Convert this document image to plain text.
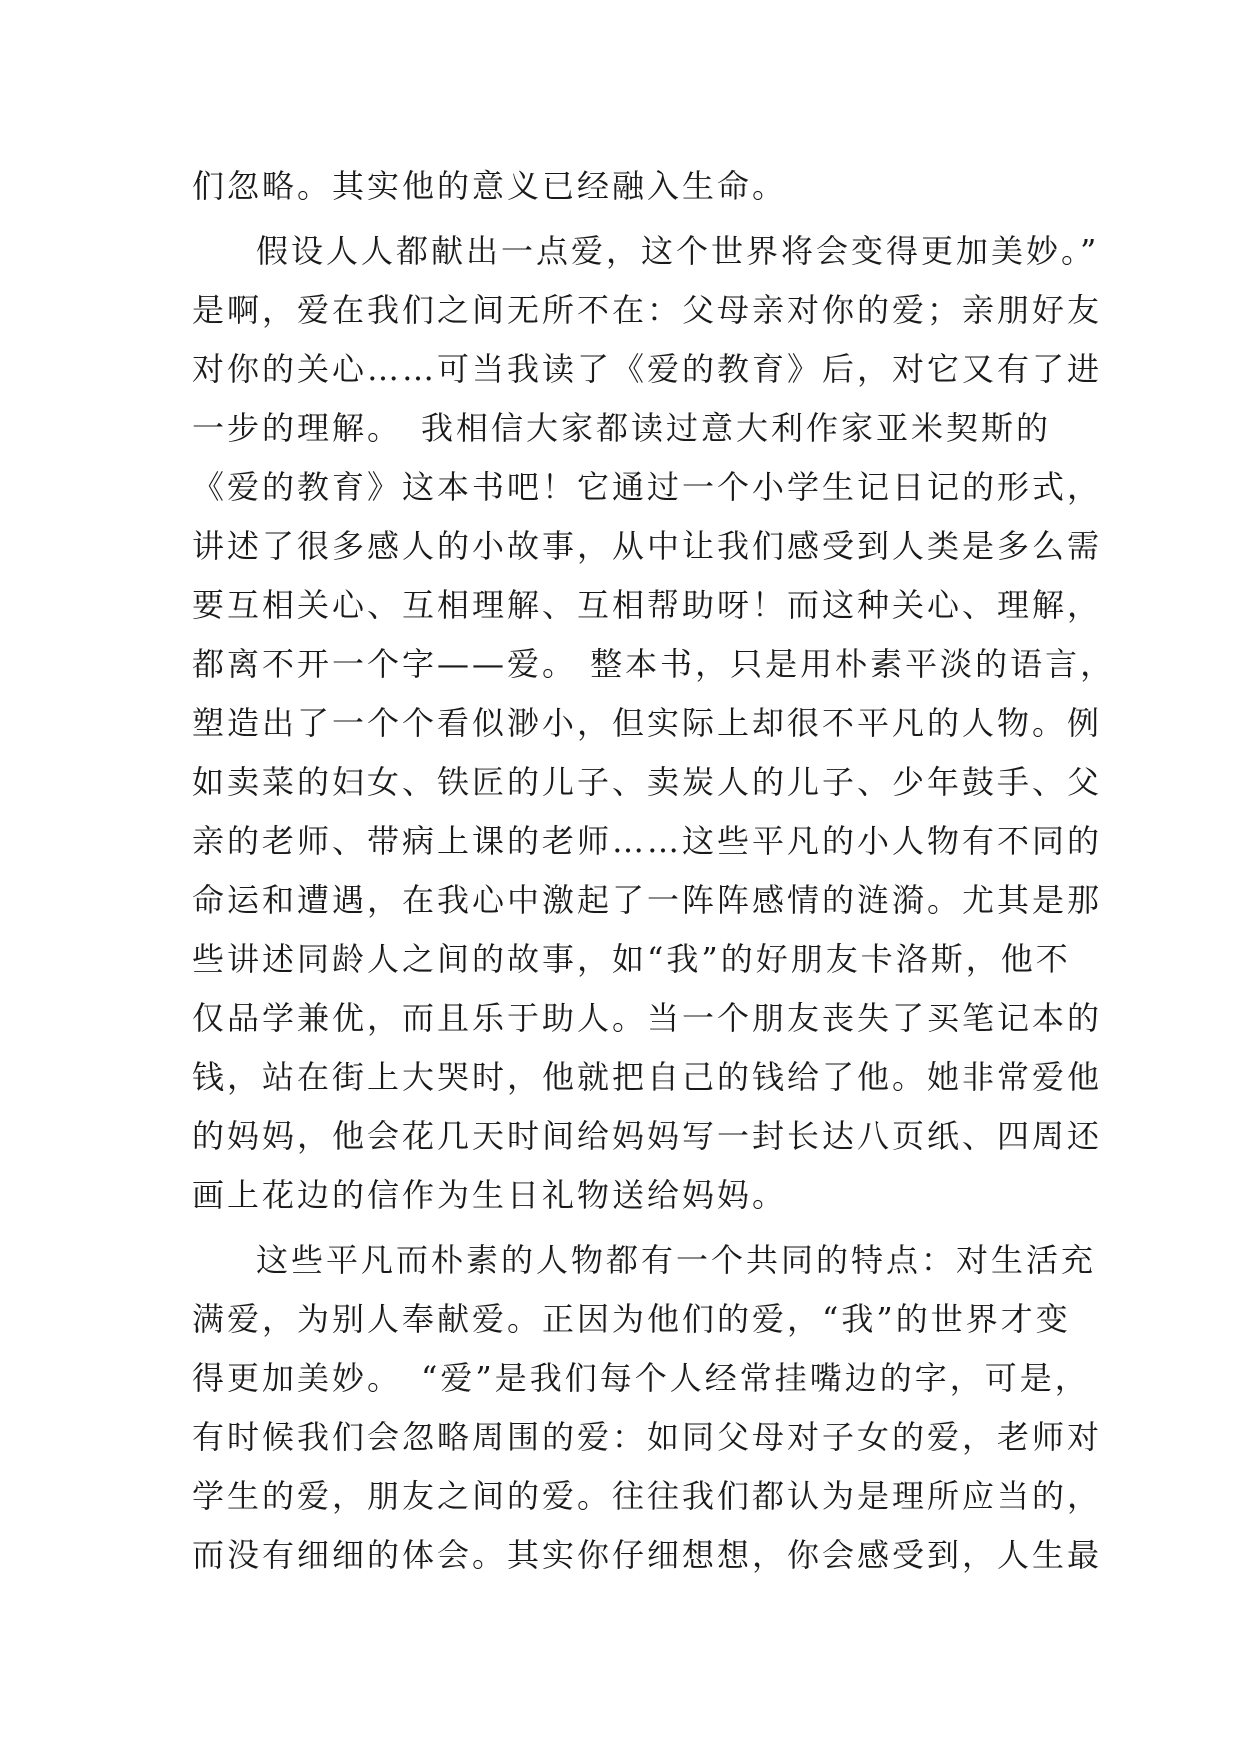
们忽略。其实他的意义已经融入生命。
假设人人都献出一点爱，这个世界将会变得更加美妙。”
是啊，爱在我们之间无所不在：父母亲对你的爱；亲朋好友
对你的关心……可当我读了《爱的教育》后，对它又有了进
一步的理解。　我相信大家都读过意大利作家亚米契斯的
《爱的教育》这本书吧！它通过一个小学生记日记的形式，
讲述了很多感人的小故事，从中让我们感受到人类是多么需
要互相关心、互相理解、互相帮助呀！而这种关心、理解，
都离不开一个字——爱。 整本书，只是用朴素平淡的语言，
塑造出了一个个看似渺小，但实际上却很不平凡的人物。例
如卖菜的妇女、铁匠的儿子、卖炭人的儿子、少年鼓手、父
亲的老师、带病上课的老师……这些平凡的小人物有不同的
命运和遭遇，在我心中激起了一阵阵感情的涟漪。尤其是那
些讲述同龄人之间的故事，如“我”的好朋友卡洛斯，他不
仅品学兼优，而且乐于助人。当一个朋友丧失了买笔记本的
钱，站在街上大哭时，他就把自己的钱给了他。她非常爱他
的妈妈，他会花几天时间给妈妈写一封长达八页纸、四周还
画上花边的信作为生日礼物送给妈妈。
这些平凡而朴素的人物都有一个共同的特点：对生活充
满爱，为别人奉献爱。正因为他们的爱，“我”的世界才变
得更加美妙。　“爱”是我们每个人经常挂嘴边的字，可是，
有时候我们会忽略周围的爱：如同父母对子女的爱，老师对
学生的爱，朋友之间的爱。往往我们都认为是理所应当的，
而没有细细的体会。其实你仔细想想，你会感受到，人生最
